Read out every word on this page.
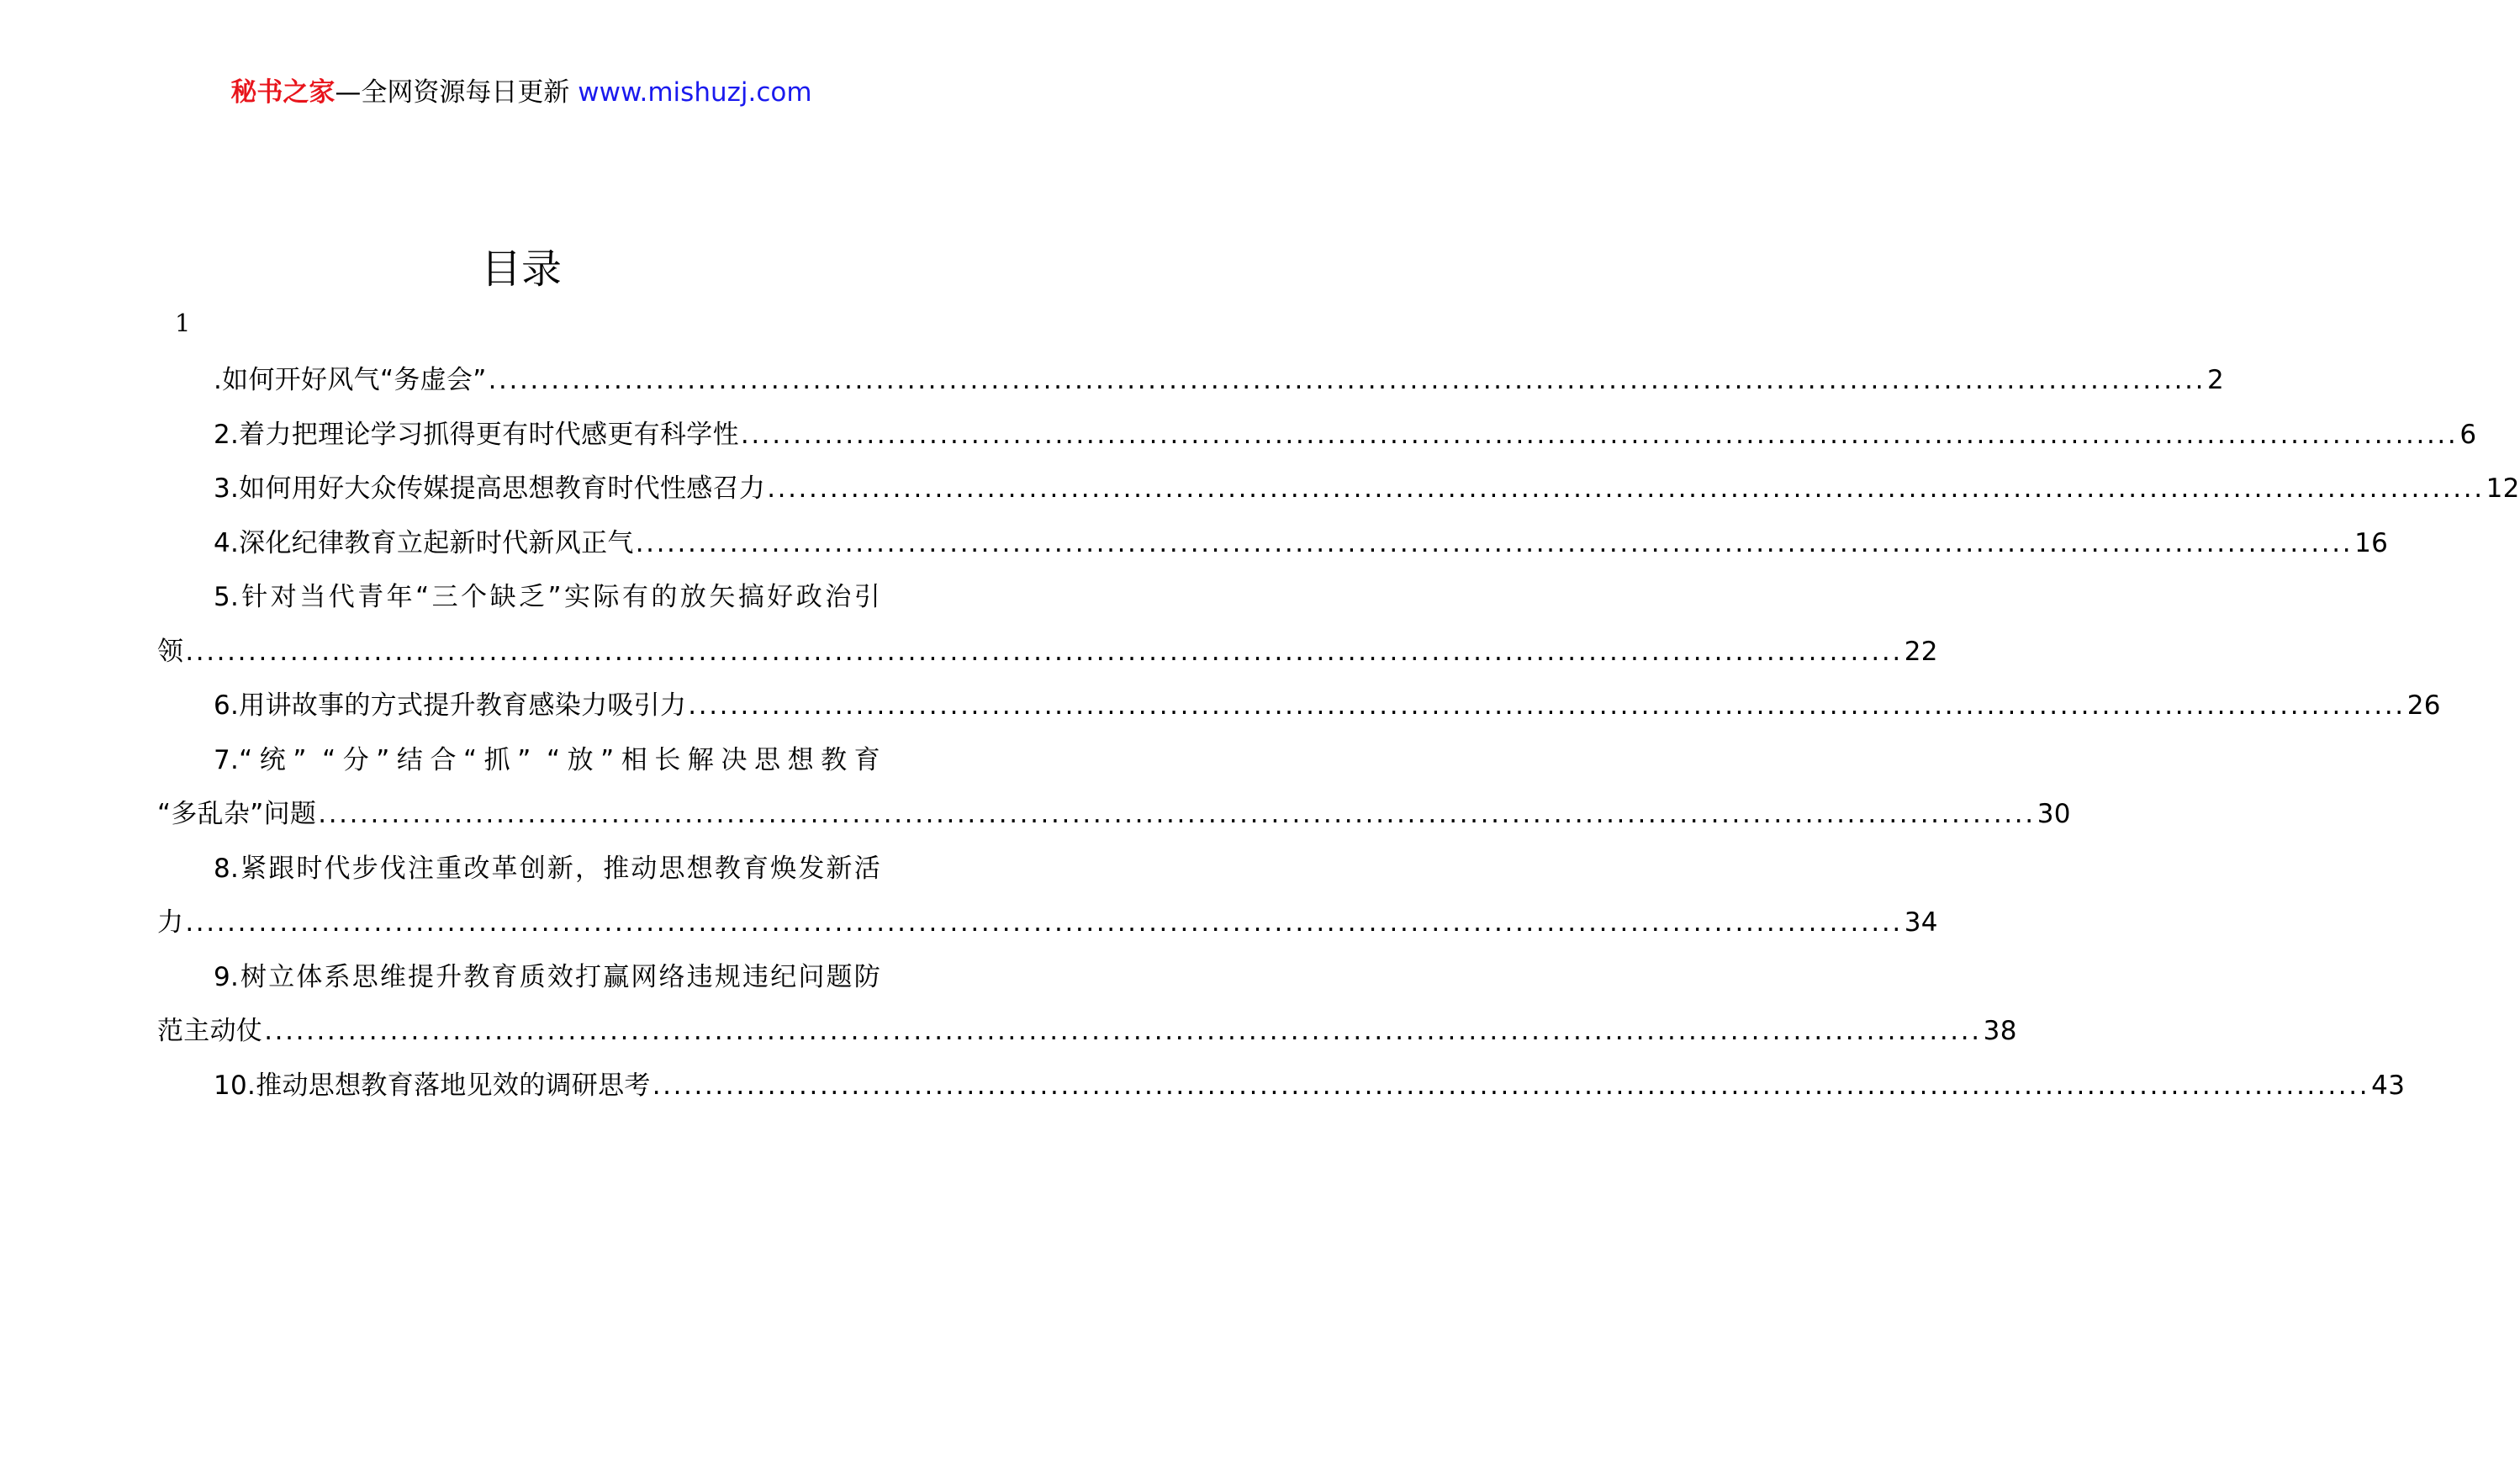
秘书之家—全网资源每日更新 www.mishuzj.com
目录
1
.如何开好风气“务虚会” .................................................................................................................................................................... 2
2.着力把理论学习抓得更有时代感更有科学性 .................................................................................................................................................................... 6
3.如何用好大众传媒提高思想教育时代性感召力 .................................................................................................................................................................... 12
4.深化纪律教育立起新时代新风正气 .................................................................................................................................................................... 16
5.针对当代青年“三个缺乏”实际有的放矢搞好政治引
领 .................................................................................................................................................................... 22
6.用讲故事的方式提升教育感染力吸引力 .................................................................................................................................................................... 26
7.“统” “分”结合“抓” “放”相长解决思想教育
“多乱杂”问题 .................................................................................................................................................................... 30
8.紧跟时代步伐注重改革创新，推动思想教育焕发新活
力 .................................................................................................................................................................... 34
9.树立体系思维提升教育质效打赢网络违规违纪问题防
范主动仗 .................................................................................................................................................................... 38
10.推动思想教育落地见效的调研思考 .................................................................................................................................................................... 43
